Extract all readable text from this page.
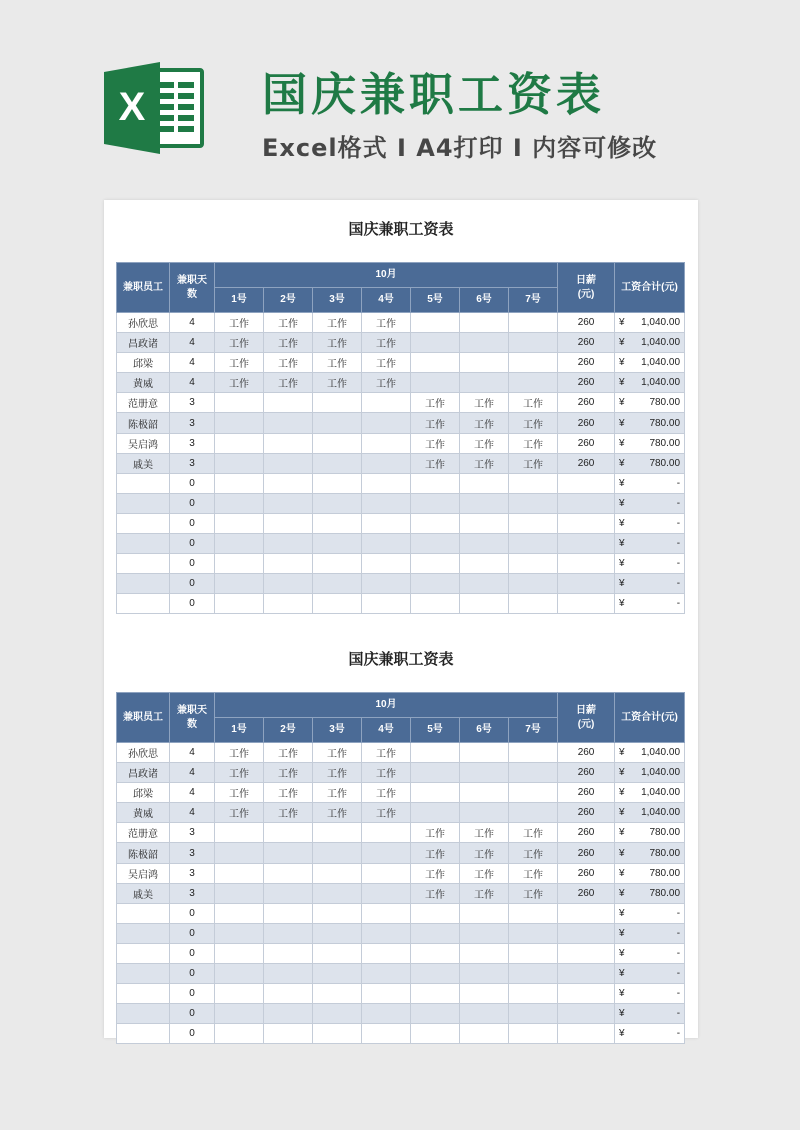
X	国庆兼职工资表
Excel格式 I A4打印 I 内容可修改
国庆兼职工资表
兼职员工	兼职天数	10月							日薪(元)	工资合计(元)
		1号	2号	3号	4号	5号	6号	7号		
孙欣思	4	工作	工作	工作	工作				260	¥ 1,040.00

昌政诸	4	工作	工作	工作	工作				260	¥ 1,040.00

邱梁	4	工作	工作	工作	工作				260	¥ 1,040.00

黄威	4	工作	工作	工作	工作				260	¥ 1,040.00

范册意	3					工作	工作	工作	260	¥ 780.00

陈极韶	3					工作	工作	工作	260	¥ 780.00

吴启鸿	3					工作	工作	工作	260	¥ 780.00

戚美	3					工作	工作	工作	260	¥ 780.00

	0									¥ -

	0									¥ -

	0									¥ -

	0									¥ -

	0									¥ -

	0									¥ -

	0									¥ -
国庆兼职工资表
兼职员工	兼职天数	10月							日薪(元)	工资合计(元)
		1号	2号	3号	4号	5号	6号	7号		
孙欣思	4	工作	工作	工作	工作				260	¥ 1,040.00

昌政诸	4	工作	工作	工作	工作				260	¥ 1,040.00

邱梁	4	工作	工作	工作	工作				260	¥ 1,040.00

黄威	4	工作	工作	工作	工作				260	¥ 1,040.00

范册意	3					工作	工作	工作	260	¥ 780.00

陈极韶	3					工作	工作	工作	260	¥ 780.00

吴启鸿	3					工作	工作	工作	260	¥ 780.00

戚美	3					工作	工作	工作	260	¥ 780.00

	0									¥ -

	0									¥ -

	0									¥ -

	0									¥ -

	0									¥ -

	0									¥ -

	0									¥ -
